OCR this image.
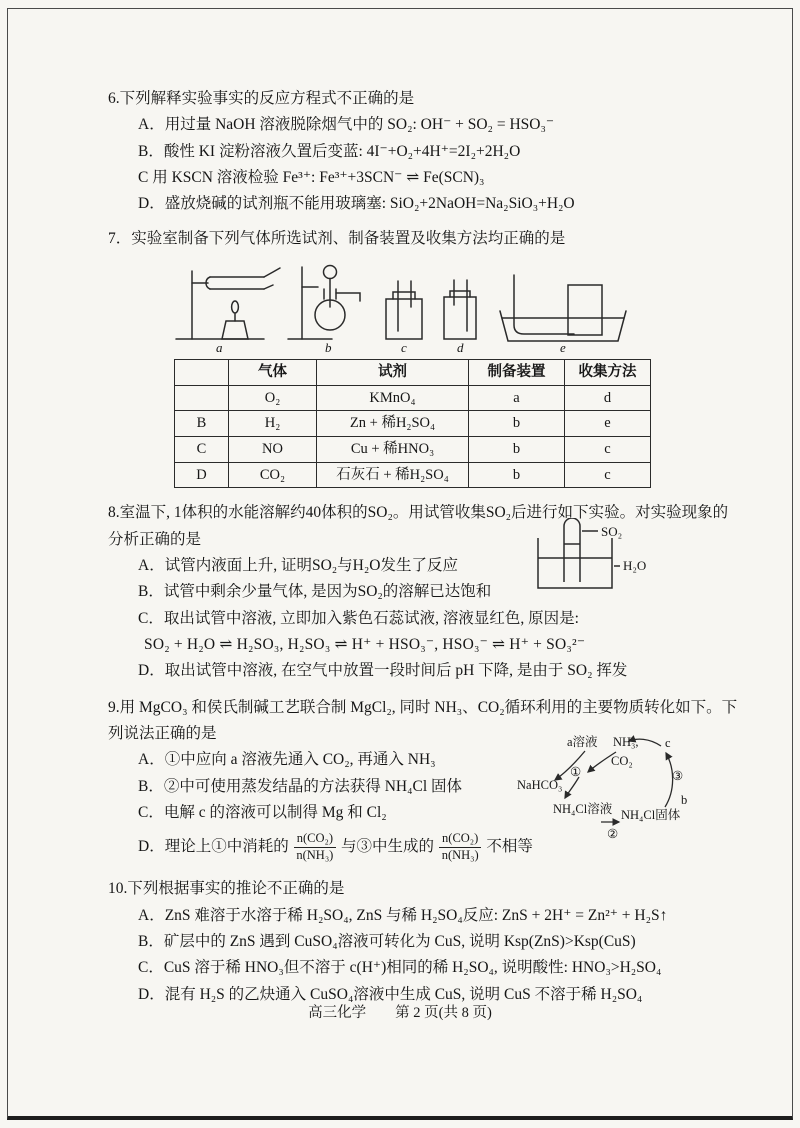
6.下列解释实验事实的反应方程式不正确的是
A．用过量 NaOH 溶液脱除烟气中的 SO₂: OH⁻ + SO₂ = HSO₃⁻
B．酸性 KI 淀粉溶液久置后变蓝: 4I⁻+O₂+4H⁺=2I₂+2H₂O
C 用 KSCN 溶液检验 Fe³⁺: Fe³⁺+3SCN⁻ ⇌ Fe(SCN)₃
D．盛放烧碱的试剂瓶不能用玻璃塞: SiO₂+2NaOH=Na₂SiO₃+H₂O
7．实验室制备下列气体所选试剂、制备装置及收集方法均正确的是
a	b	c	d	e
	气体	试剂	制备装置	收集方法
	O₂	KMnO₄	a	d
B	H₂	Zn + 稀H₂SO₄	b	e
C	NO	Cu + 稀HNO₃	b	c
D	CO₂	石灰石 + 稀H₂SO₄	b	c
8.室温下, 1体积的水能溶解约40体积的SO₂。用试管收集SO₂后进行如下实验。对实验现象的分析正确的是
A．试管内液面上升, 证明SO₂与H₂O发生了反应
B．试管中剩余少量气体, 是因为SO₂的溶解已达饱和
C．取出试管中溶液, 立即加入紫色石蕊试液, 溶液显红色, 原因是:
SO₂ + H₂O ⇌ H₂SO₃, H₂SO₃ ⇌ H⁺ + HSO₃⁻, HSO₃⁻ ⇌ H⁺ + SO₃²⁻
D．取出试管中溶液, 在空气中放置一段时间后 pH 下降, 是由于 SO₂ 挥发
SO₂
H₂O
9.用 MgCO₃ 和侯氏制碱工艺联合制 MgCl₂, 同时 NH₃、CO₂循环利用的主要物质转化如下。下列说法正确的是
A．①中应向 a 溶液先通入 CO₂, 再通入 NH₃
B．②中可使用蒸发结晶的方法获得 NH₄Cl 固体
C．电解 c 的溶液可以制得 Mg 和 Cl₂
D．理论上①中消耗的 $\frac{\text{n(CO₂)}}{\text{n(NH₃)}}$ 与③中生成的 $\frac{\text{n(CO₂)}}{\text{n(NH₃)}}$ 不相等
a溶液 NH₃,
CO₂
c
①
NaHCO₃
③
NH₄Cl溶液
b
NH₄Cl固体
②
10.下列根据事实的推论不正确的是
A．ZnS 难溶于水溶于稀 H₂SO₄, ZnS 与稀 H₂SO₄反应: ZnS + 2H⁺ = Zn²⁺ + H₂S↑
B．矿层中的 ZnS 遇到 CuSO₄溶液可转化为 CuS, 说明 Ksp(ZnS)>Ksp(CuS)
C．CuS 溶于稀 HNO₃但不溶于 c(H⁺)相同的稀 H₂SO₄, 说明酸性: HNO₃>H₂SO₄
D．混有 H₂S 的乙炔通入 CuSO₄溶液中生成 CuS, 说明 CuS 不溶于稀 H₂SO₄
高三化学　　第 2 页(共 8 页)
